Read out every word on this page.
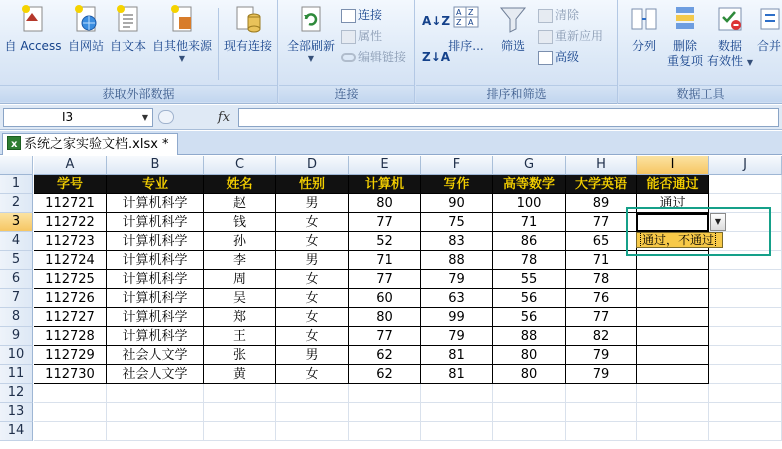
自 Access 自网站 自文本 自其他来源
▼
现有连接
获取外部数据
全部刷新
▼
连接
属性
编辑链接
连接
A↓Z
Z↓A
A Z
Z A
排序...	筛选
清除
重新应用
高级
排序和筛选
分列	删除
重复项
数据
有效性 ▼
合并
数据工具
I3	▼	fx
x系统之家实验文档.xlsx *
A	B	C	D	E	F	G	H	I	J
1
2
3
4
5
6
7
8
9
10
11
12
13
14
学号	专业	姓名	性别	计算机	写作	高等数学	大学英语	能否通过
112721	计算机科学	赵	男	80	90	100	89	通过
112722	计算机科学	钱	女	77	75	71	77
112723	计算机科学	孙	女	52	83	86	65
112724	计算机科学	李	男	71	88	78	71
112725	计算机科学	周	女	77	79	55	78
112726	计算机科学	吴	女	60	63	56	76
112727	计算机科学	郑	女	80	99	56	77
112728	计算机科学	王	女	77	79	88	82
112729	社会人文学	张	男	62	81	80	79
112730	社会人文学	黄	女	62	81	80	79
▼
通过，不通过
